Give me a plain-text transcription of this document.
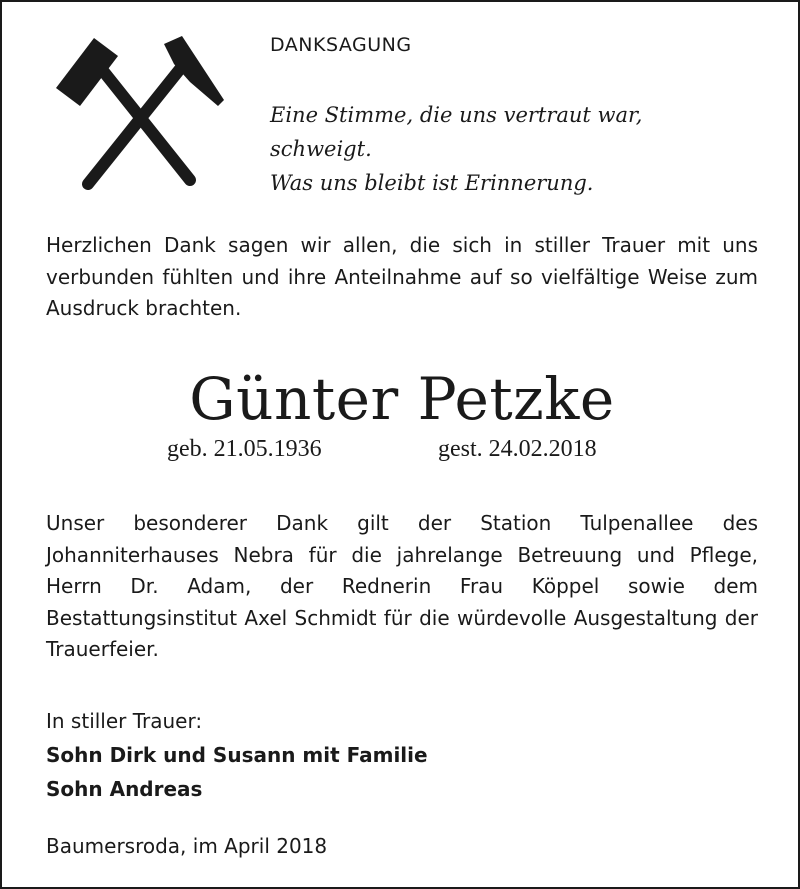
DANKSAGUNG
Eine Stimme, die uns vertraut war,
schweigt.
Was uns bleibt ist Erinnerung.
Herzlichen Dank sagen wir allen, die sich in stiller Trauer mit uns verbunden fühlten und ihre Anteilnahme auf so vielfältige Weise zum Ausdruck brachten.
Günter Petzke
geb. 21.05.1936	gest. 24.02.2018
Unser besonderer Dank gilt der Station Tulpenallee des Johanniterhauses Nebra für die jahrelange Betreuung und Pflege, Herrn Dr. Adam, der Rednerin Frau Köppel sowie dem Bestattungsinstitut Axel Schmidt für die würdevolle Ausgestaltung der Trauerfeier.
In stiller Trauer:
Sohn Dirk und Susann mit Familie
Sohn Andreas
Baumersroda, im April 2018
